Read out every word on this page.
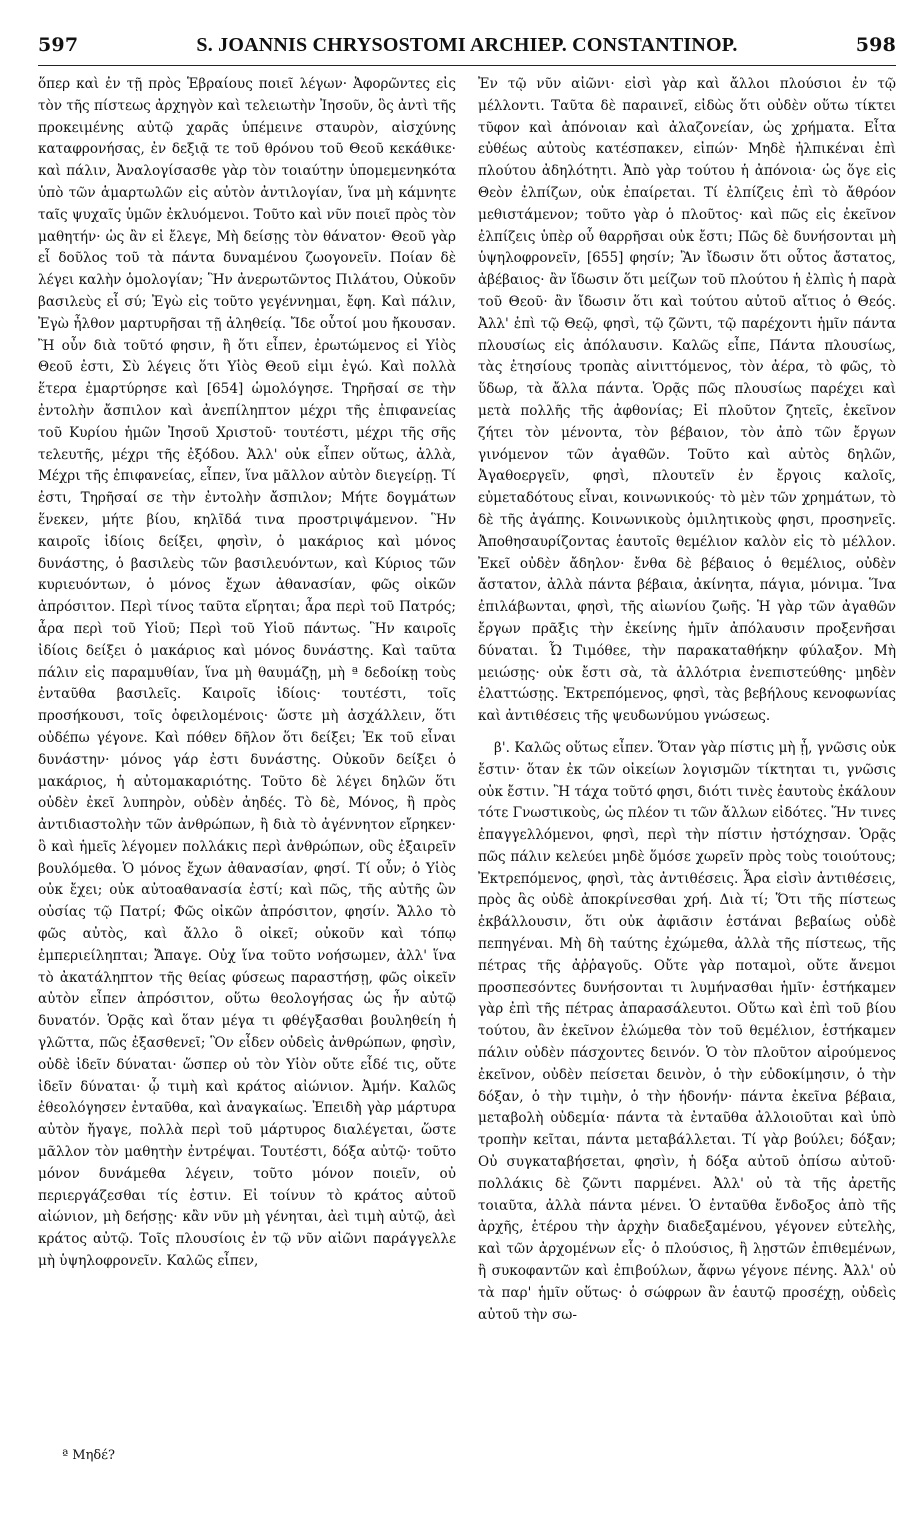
597	S. JOANNIS CHRYSOSTOMI ARCHIEP. CONSTANTINOP.	598

ὅπερ καὶ ἐν τῇ πρὸς Ἑβραίους ποιεῖ λέγων· Ἀφορῶντες εἰς τὸν τῆς πίστεως ἀρχηγὸν καὶ τελειωτὴν Ἰησοῦν, ὃς ἀντὶ τῆς προκειμένης αὐτῷ χαρᾶς ὑπέμεινε σταυρὸν, αἰσχύνης καταφρονήσας, ἐν δεξιᾷ τε τοῦ θρόνου τοῦ Θεοῦ κεκάθικε· καὶ πάλιν, Ἀναλογίσασθε γὰρ τὸν τοιαύτην ὑπομεμενηκότα ὑπὸ τῶν ἁμαρτωλῶν εἰς αὐτὸν ἀντιλογίαν, ἵνα μὴ κάμνητε ταῖς ψυχαῖς ὑμῶν ἐκλυόμενοι. Τοῦτο καὶ νῦν ποιεῖ πρὸς τὸν μαθητήν· ὡς ἂν εἰ ἔλεγε, Μὴ δείσῃς τὸν θάνατον· Θεοῦ γὰρ εἶ δοῦλος τοῦ τὰ πάντα δυναμένου ζωογονεῖν. Ποίαν δὲ λέγει καλὴν ὁμολογίαν; Ἣν ἀνερωτῶντος Πιλάτου, Οὐκοῦν βασιλεὺς εἶ σύ; Ἐγὼ εἰς τοῦτο γεγέννημαι, ἔφη. Καὶ πάλιν, Ἐγὼ ἦλθον μαρτυρῆσαι τῇ ἀληθείᾳ. Ἴδε οὗτοί μου ἤκουσαν. Ἢ οὖν διὰ τοῦτό φησιν, ἢ ὅτι εἶπεν, ἐρωτώμενος εἰ Υἱὸς Θεοῦ ἐστι, Σὺ λέγεις ὅτι Υἱὸς Θεοῦ εἰμι ἐγώ. Καὶ πολλὰ ἕτερα ἐμαρτύρησε καὶ [654] ὡμολόγησε. Τηρῆσαί σε τὴν ἐντολὴν ἄσπιλον καὶ ἀνεπίληπτον μέχρι τῆς ἐπιφανείας τοῦ Κυρίου ἡμῶν Ἰησοῦ Χριστοῦ· τουτέστι, μέχρι τῆς σῆς τελευτῆς, μέχρι τῆς ἐξόδου. Ἀλλ' οὐκ εἶπεν οὕτως, ἀλλὰ, Μέχρι τῆς ἐπιφανείας, εἶπεν, ἵνα μᾶλλον αὐτὸν διεγείρῃ. Τί ἐστι, Τηρῆσαί σε τὴν ἐντολὴν ἄσπιλον; Μήτε δογμάτων ἕνεκεν, μήτε βίου, κηλῖδά τινα προστριψάμενον. Ἣν καιροῖς ἰδίοις δείξει, φησὶν, ὁ μακάριος καὶ μόνος δυνάστης, ὁ βασιλεὺς τῶν βασιλευόντων, καὶ Κύριος τῶν κυριευόντων, ὁ μόνος ἔχων ἀθανασίαν, φῶς οἰκῶν ἀπρόσιτον. Περὶ τίνος ταῦτα εἴρηται; ἆρα περὶ τοῦ Πατρός; ἆρα περὶ τοῦ Υἱοῦ; Περὶ τοῦ Υἱοῦ πάντως. Ἣν καιροῖς ἰδίοις δείξει ὁ μακάριος καὶ μόνος δυνάστης. Καὶ ταῦτα πάλιν εἰς παραμυθίαν, ἵνα μὴ θαυμάζῃ, μὴ ª δεδοίκῃ τοὺς ἐνταῦθα βασιλεῖς. Καιροῖς ἰδίοις· τουτέστι, τοῖς προσήκουσι, τοῖς ὀφειλομένοις· ὥστε μὴ ἀσχάλλειν, ὅτι οὐδέπω γέγονε. Καὶ πόθεν δῆλον ὅτι δείξει; Ἐκ τοῦ εἶναι δυνάστην· μόνος γάρ ἐστι δυνάστης. Οὐκοῦν δείξει ὁ μακάριος, ἡ αὐτομακαριότης. Τοῦτο δὲ λέγει δηλῶν ὅτι οὐδὲν ἐκεῖ λυπηρὸν, οὐδὲν ἀηδές. Τὸ δὲ, Μόνος, ἢ πρὸς ἀντιδιαστολὴν τῶν ἀνθρώπων, ἢ διὰ τὸ ἀγέννητον εἴρηκεν· ὃ καὶ ἡμεῖς λέγομεν πολλάκις περὶ ἀνθρώπων, οὓς ἐξαιρεῖν βουλόμεθα. Ὁ μόνος ἔχων ἀθανασίαν, φησί. Τί οὖν; ὁ Υἱὸς οὐκ ἔχει; οὐκ αὐτοαθανασία ἐστί; καὶ πῶς, τῆς αὐτῆς ὢν οὐσίας τῷ Πατρί; Φῶς οἰκῶν ἀπρόσιτον, φησίν. Ἄλλο τὸ φῶς αὐτὸς, καὶ ἄλλο ὃ οἰκεῖ; οὐκοῦν καὶ τόπῳ ἐμπεριείληπται; Ἄπαγε. Οὐχ ἵνα τοῦτο νοήσωμεν, ἀλλ' ἵνα τὸ ἀκατάληπτον τῆς θείας φύσεως παραστήσῃ, φῶς οἰκεῖν αὐτὸν εἶπεν ἀπρόσιτον, οὕτω θεολογήσας ὡς ἦν αὐτῷ δυνατόν. Ὁρᾷς καὶ ὅταν μέγα τι φθέγξασθαι βουληθείη ἡ γλῶττα, πῶς ἐξασθενεῖ; Ὃν εἶδεν οὐδεὶς ἀνθρώπων, φησὶν, οὐδὲ ἰδεῖν δύναται· ὥσπερ οὐ τὸν Υἱὸν οὔτε εἶδέ τις, οὔτε ἰδεῖν δύναται· ᾧ τιμὴ καὶ κράτος αἰώνιον. Ἀμήν. Καλῶς ἐθεολόγησεν ἐνταῦθα, καὶ ἀναγκαίως. Ἐπειδὴ γὰρ μάρτυρα αὐτὸν ἤγαγε, πολλὰ περὶ τοῦ μάρτυρος διαλέγεται, ὥστε μᾶλλον τὸν μαθητὴν ἐντρέψαι. Τουτέστι, δόξα αὐτῷ· τοῦτο μόνον δυνάμεθα λέγειν, τοῦτο μόνον ποιεῖν, οὐ περιεργάζεσθαι τίς ἐστιν. Εἰ τοίνυν τὸ κράτος αὐτοῦ αἰώνιον, μὴ δεήσῃς· κἂν νῦν μὴ γένηται, ἀεὶ τιμὴ αὐτῷ, ἀεὶ κράτος αὐτῷ. Τοῖς πλουσίοις ἐν τῷ νῦν αἰῶνι παράγγελλε μὴ ὑψηλοφρονεῖν. Καλῶς εἶπεν,

Ἐν τῷ νῦν αἰῶνι· εἰσὶ γὰρ καὶ ἄλλοι πλούσιοι ἐν τῷ μέλλοντι. Ταῦτα δὲ παραινεῖ, εἰδὼς ὅτι οὐδὲν οὕτω τίκτει τῦφον καὶ ἀπόνοιαν καὶ ἀλαζονείαν, ὡς χρήματα. Εἶτα εὐθέως αὐτοὺς κατέσπακεν, εἰπών· Μηδὲ ἠλπικέναι ἐπὶ πλούτου ἀδηλότητι. Ἀπὸ γὰρ τούτου ἡ ἀπόνοια· ὡς ὅγε εἰς Θεὸν ἐλπίζων, οὐκ ἐπαίρεται. Τί ἐλπίζεις ἐπὶ τὸ ἄθρόον μεθιστάμενον; τοῦτο γὰρ ὁ πλοῦτος· καὶ πῶς εἰς ἐκεῖνον ἐλπίζεις ὑπὲρ οὗ θαρρῆσαι οὐκ ἔστι; Πῶς δὲ δυνήσονται μὴ ὑψηλοφρονεῖν, [655] φησίν; Ἂν ἴδωσιν ὅτι οὗτος ἄστατος, ἀβέβαιος· ἂν ἴδωσιν ὅτι μείζων τοῦ πλούτου ἡ ἐλπὶς ἡ παρὰ τοῦ Θεοῦ· ἂν ἴδωσιν ὅτι καὶ τούτου αὐτοῦ αἴτιος ὁ Θεός. Ἀλλ' ἐπὶ τῷ Θεῷ, φησὶ, τῷ ζῶντι, τῷ παρέχοντι ἡμῖν πάντα πλουσίως εἰς ἀπόλαυσιν. Καλῶς εἶπε, Πάντα πλουσίως, τὰς ἐτησίους τροπὰς αἰνιττόμενος, τὸν ἀέρα, τὸ φῶς, τὸ ὕδωρ, τὰ ἄλλα πάντα. Ὁρᾷς πῶς πλουσίως παρέχει καὶ μετὰ πολλῆς τῆς ἀφθονίας; Εἰ πλοῦτον ζητεῖς, ἐκεῖνον ζήτει τὸν μένοντα, τὸν βέβαιον, τὸν ἀπὸ τῶν ἔργων γινόμενον τῶν ἀγαθῶν. Τοῦτο καὶ αὐτὸς δηλῶν, Ἀγαθοεργεῖν, φησὶ, πλουτεῖν ἐν ἔργοις καλοῖς, εὐμεταδότους εἶναι, κοινωνικούς· τὸ μὲν τῶν χρημάτων, τὸ δὲ τῆς ἀγάπης. Κοινωνικοὺς ὁμιλητικοὺς φησι, προσηνεῖς. Ἀποθησαυρίζοντας ἑαυτοῖς θεμέλιον καλὸν εἰς τὸ μέλλον. Ἐκεῖ οὐδὲν ἄδηλον· ἔνθα δὲ βέβαιος ὁ θεμέλιος, οὐδὲν ἄστατον, ἀλλὰ πάντα βέβαια, ἀκίνητα, πάγια, μόνιμα. Ἵνα ἐπιλάβωνται, φησὶ, τῆς αἰωνίου ζωῆς. Ἡ γὰρ τῶν ἀγαθῶν ἔργων πρᾶξις τὴν ἐκείνης ἡμῖν ἀπόλαυσιν προξενῆσαι δύναται. Ὦ Τιμόθεε, τὴν παρακαταθήκην φύλαξον. Μὴ μειώσῃς· οὐκ ἔστι σὰ, τὰ ἀλλότρια ἐνεπιστεύθης· μηδὲν ἐλαττώσῃς. Ἐκτρεπόμενος, φησὶ, τὰς βεβήλους κενοφωνίας καὶ ἀντιθέσεις τῆς ψευδωνύμου γνώσεως.

β'. Καλῶς οὕτως εἶπεν. Ὅταν γὰρ πίστις μὴ ᾖ, γνῶσις οὐκ ἔστιν· ὅταν ἐκ τῶν οἰκείων λογισμῶν τίκτηται τι, γνῶσις οὐκ ἔστιν. Ἢ τάχα τοῦτό φησι, διότι τινὲς ἑαυτοὺς ἐκάλουν τότε Γνωστικοὺς, ὡς πλέον τι τῶν ἄλλων εἰδότες. Ἥν τινες ἐπαγγελλόμενοι, φησὶ, περὶ τὴν πίστιν ἠστόχησαν. Ὁρᾷς πῶς πάλιν κελεύει μηδὲ ὅμόσε χωρεῖν πρὸς τοὺς τοιούτους; Ἐκτρεπόμενος, φησὶ, τὰς ἀντιθέσεις. Ἆρα εἰσὶν ἀντιθέσεις, πρὸς ἃς οὐδὲ ἀποκρίνεσθαι χρή. Διὰ τί; Ὅτι τῆς πίστεως ἐκβάλλουσιν, ὅτι οὐκ ἀφιᾶσιν ἑστάναι βεβαίως οὐδὲ πεπηγέναι. Μὴ δὴ ταύτης ἐχώμεθα, ἀλλὰ τῆς πίστεως, τῆς πέτρας τῆς ἀῤῥαγοῦς. Οὔτε γὰρ ποταμοὶ, οὔτε ἄνεμοι προσπεσόντες δυνήσονται τι λυμήνασθαι ἡμῖν· ἑστήκαμεν γὰρ ἐπὶ τῆς πέτρας ἀπαρασάλευτοι. Οὕτω καὶ ἐπὶ τοῦ βίου τούτου, ἂν ἐκεῖνον ἑλώμεθα τὸν τοῦ θεμέλιον, ἑστήκαμεν πάλιν οὐδὲν πάσχοντες δεινόν. Ὁ τὸν πλοῦτον αἱρούμενος ἐκεῖνον, οὐδὲν πείσεται δεινὸν, ὁ τὴν εὐδοκίμησιν, ὁ τὴν δόξαν, ὁ τὴν τιμὴν, ὁ τὴν ἡδονήν· πάντα ἐκεῖνα βέβαια, μεταβολὴ οὐδεμία· πάντα τὰ ἐνταῦθα ἀλλοιοῦται καὶ ὑπὸ τροπὴν κεῖται, πάντα μεταβάλλεται. Τί γὰρ βούλει; δόξαν; Οὐ συγκαταβήσεται, φησὶν, ἡ δόξα αὐτοῦ ὀπίσω αὐτοῦ· πολλάκις δὲ ζῶντι παρμένει. Ἀλλ' οὐ τὰ τῆς ἀρετῆς τοιαῦτα, ἀλλὰ πάντα μένει. Ὁ ἐνταῦθα ἔνδοξος ἀπὸ τῆς ἀρχῆς, ἑτέρου τὴν ἀρχὴν διαδεξαμένου, γέγονεν εὐτελὴς, καὶ τῶν ἀρχομένων εἷς· ὁ πλούσιος, ἢ λῃστῶν ἐπιθεμένων, ἢ συκοφαντῶν καὶ ἐπιβούλων, ἄφνω γέγονε πένης. Ἀλλ' οὐ τὰ παρ' ἡμῖν οὕτως· ὁ σώφρων ἂν ἑαυτῷ προσέχῃ, οὐδεὶς αὐτοῦ τὴν σω-

ª Μηδέ?
